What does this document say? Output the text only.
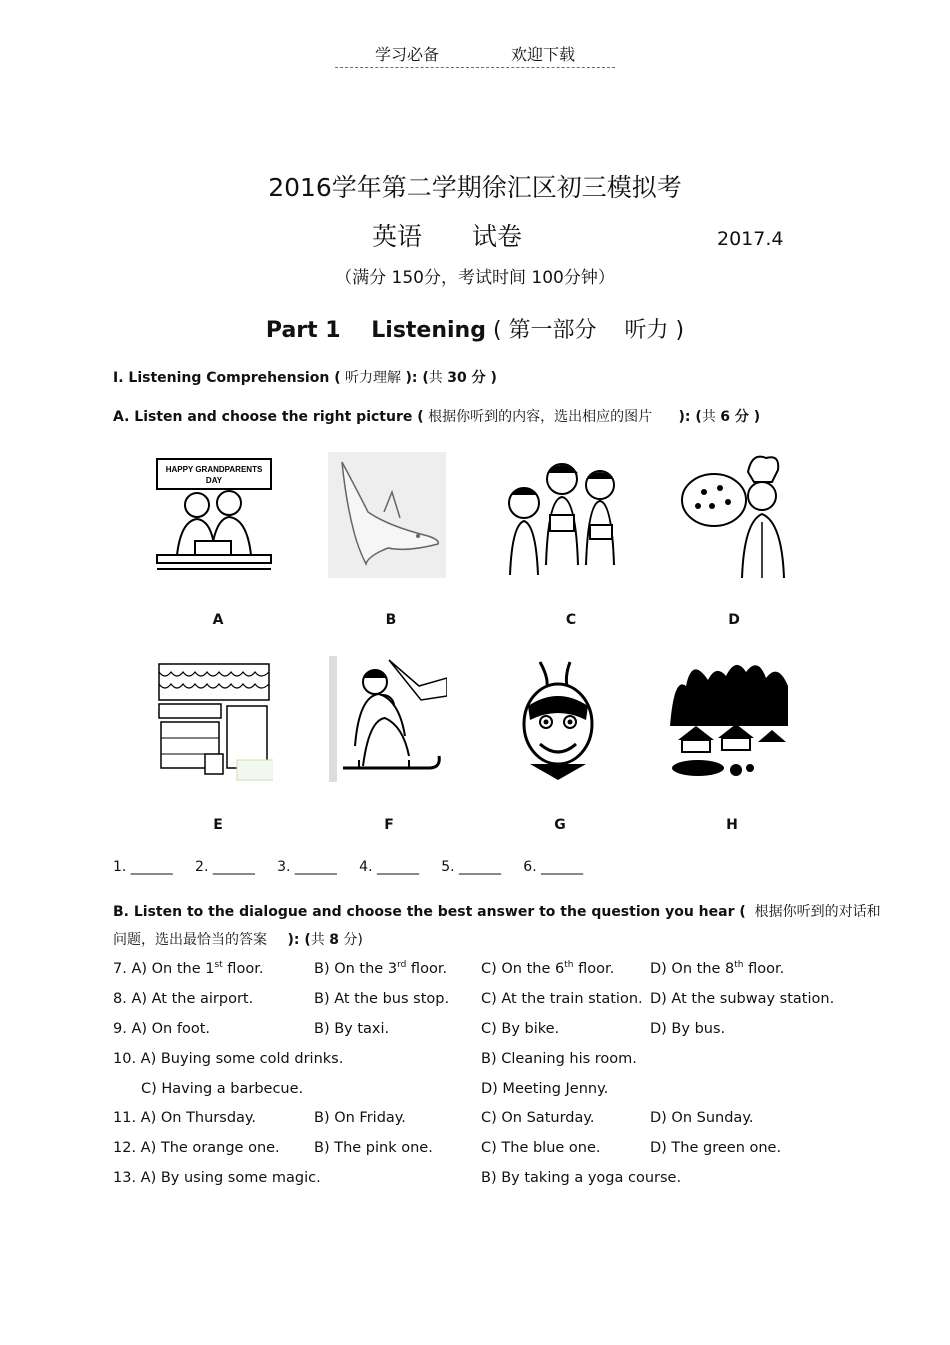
学习必备	欢迎下载
2016学年第二学期徐汇区初三模拟考
英语 试卷	2017.4
（满分 150分，考试时间 100分钟）
Part 1    Listening ( 第一部分    听力 )
I. Listening Comprehension ( 听力理解 ): (共 30 分 )
A. Listen and choose the right picture ( 根据你听到的内容，选出相应的图片 ): (共 6 分 )
HAPPY GRANDPARENTS
DAY
A	B	C	D
E	F	G	H
1. ______     2. ______     3. ______     4. ______     5. ______     6. ______
B. Listen to the dialogue and choose the best answer to the question you hear (  根据你听到的对话和
问题，选出最恰当的答案 ): (共 8 分)
7. A) On the 1st floor.	B) On the 3rd floor. C) On the 6th floor. D) On the 8th floor.
8. A) At the airport.	B) At the bus stop. C) At the train station. D) At the subway station.
9. A) On foot.	B) By taxi.	C) By bike.	D) By bus.
10. A) Buying some cold drinks.	B) Cleaning his room.
C) Having a barbecue.	D) Meeting Jenny.
11. A) On Thursday.	B) On Friday.	C) On Saturday.	D) On Sunday.
12. A) The orange one. B) The pink one.	C) The blue one.	D) The green one.
13. A) By using some magic.	B) By taking a yoga course.
